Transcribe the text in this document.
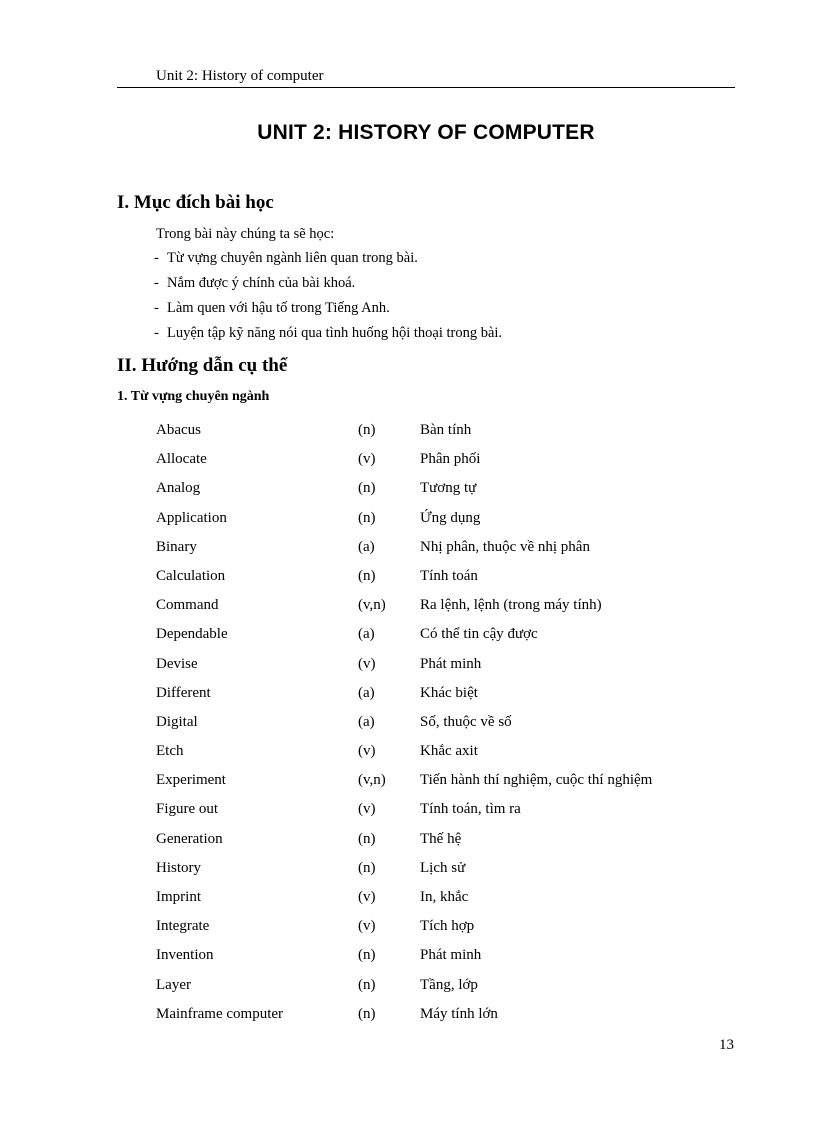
Unit 2: History of computer
UNIT 2: HISTORY OF COMPUTER
I. Mục đích bài học
Trong bài này chúng ta sẽ học:
- Từ vựng chuyên ngành liên quan trong bài.
- Nắm được ý chính của bài khoá.
- Làm quen với hậu tố trong Tiếng Anh.
- Luyện tập kỹ năng nói qua tình huống hội thoại trong bài.
II. Hướng dẫn cụ thể
1. Từ vựng chuyên ngành
Abacus	(n)	Bàn tính
Allocate	(v)	Phân phối
Analog	(n)	Tương tự
Application	(n)	Ứng dụng
Binary	(a)	Nhị phân, thuộc về nhị phân
Calculation	(n)	Tính toán
Command	(v,n)	Ra lệnh, lệnh (trong máy tính)
Dependable	(a)	Có thể tin cậy được
Devise	(v)	Phát minh
Different	(a)	Khác biệt
Digital	(a)	Số, thuộc về số
Etch	(v)	Khắc axit
Experiment	(v,n)	Tiến hành thí nghiệm, cuộc thí nghiệm
Figure out	(v)	Tính toán, tìm ra
Generation	(n)	Thế hệ
History	(n)	Lịch sử
Imprint	(v)	In, khắc
Integrate	(v)	Tích hợp
Invention	(n)	Phát minh
Layer	(n)	Tầng, lớp
Mainframe computer	(n)	Máy tính lớn
13
